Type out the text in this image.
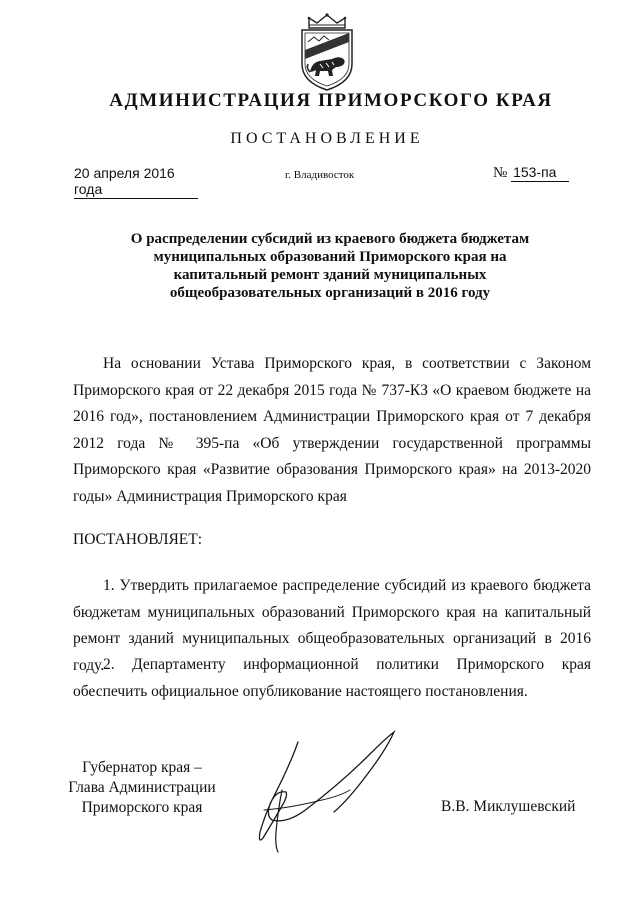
АДМИНИСТРАЦИЯ ПРИМОРСКОГО КРАЯ
ПОСТАНОВЛЕНИЕ
20 апреля 2016 года
г. Владивосток	№ 153-па
О распределении субсидий из краевого бюджета бюджетам
муниципальных образований Приморского края на
капитальный ремонт зданий муниципальных
общеобразовательных организаций в 2016 году
На основании Устава Приморского края, в соответствии с Законом Приморского края от 22 декабря 2015 года № 737-КЗ «О краевом бюджете на 2016 год», постановлением Администрации Приморского края от 7 декабря 2012 года № 395-па «Об утверждении государственной программы Приморского края «Развитие образования Приморского края» на 2013-2020 годы» Администрация Приморского края
ПОСТАНОВЛЯЕТ:
1. Утвердить прилагаемое распределение субсидий из краевого бюджета бюджетам муниципальных образований Приморского края на капитальный ремонт зданий муниципальных общеобразовательных организаций в 2016 году.
2. Департаменту информационной политики Приморского края обеспечить официальное опубликование настоящего постановления.
Губернатор края –
Глава Администрации
Приморского края	В.В. Миклушевский
